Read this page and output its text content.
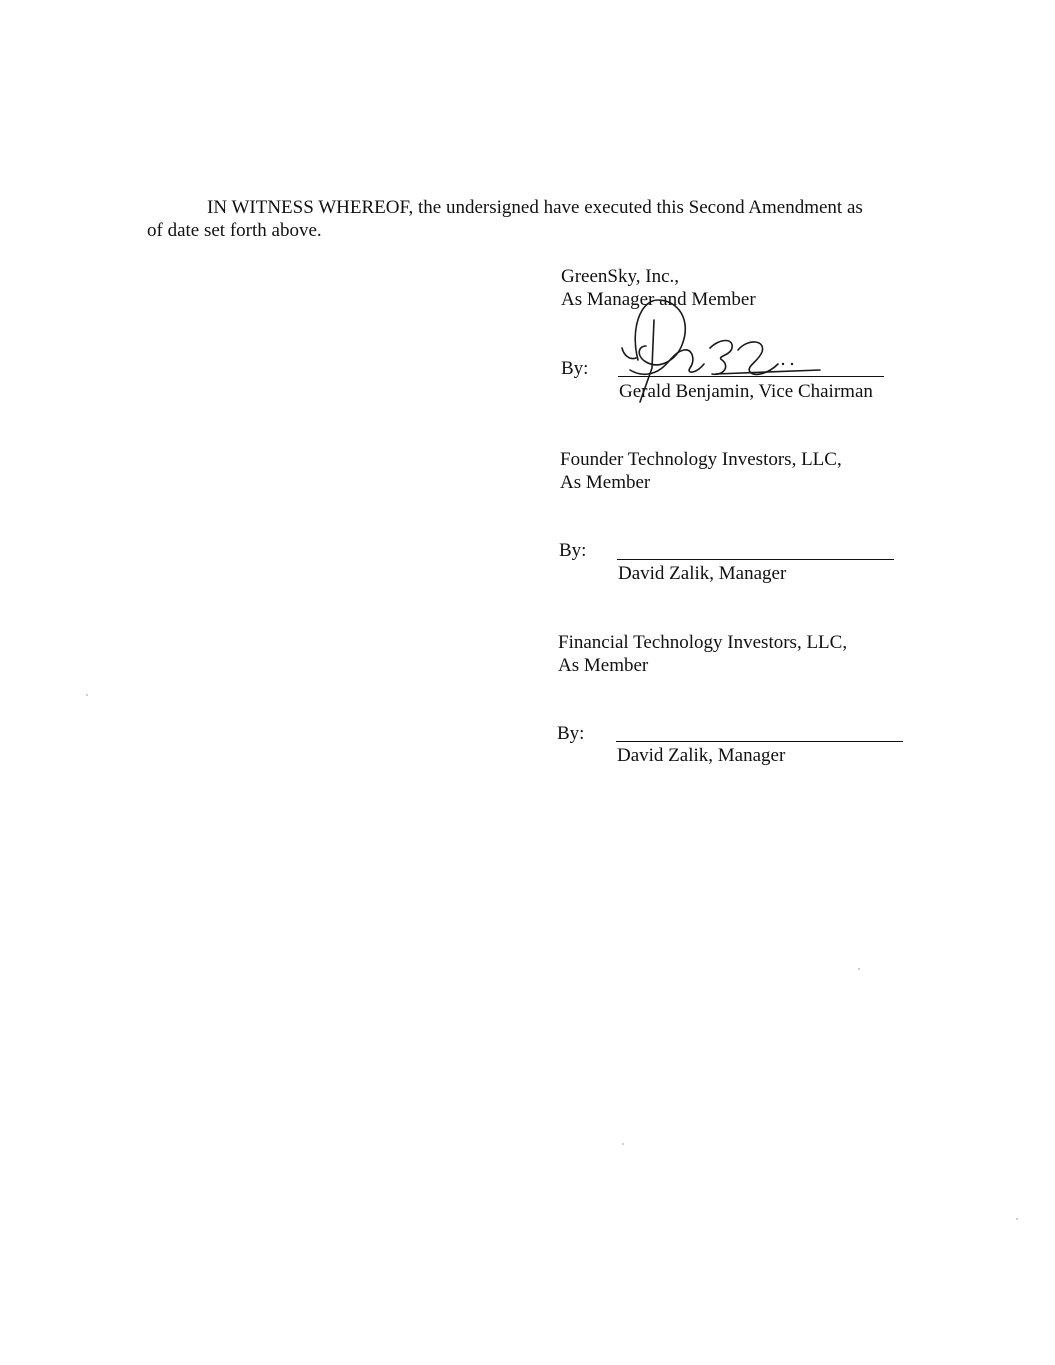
IN WITNESS WHEREOF, the undersigned have executed this Second Amendment as
of date set forth above.

GreenSky, Inc.,
As Manager and Member
By:
Gerald Benjamin, Vice Chairman
Founder Technology Investors, LLC,
As Member
By:
David Zalik, Manager
Financial Technology Investors, LLC,
As Member
By:
David Zalik, Manager
